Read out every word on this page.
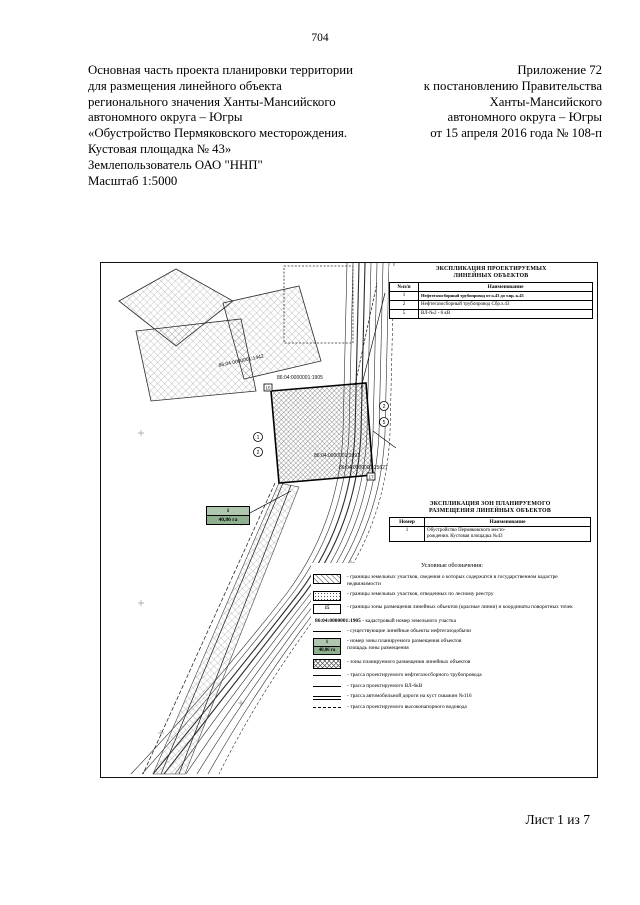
704
Основная часть проекта планировки территории
для размещения линейного объекта
регионального значения Ханты-Мансийского
автономного округа – Югры
«Обустройство Пермяковского месторождения.
Кустовая площадка № 43»
Землепользователь ОАО "ННП"
Масштаб 1:5000
Приложение 72
к постановлению Правительства
Ханты-Мансийского
автономного округа – Югры
от 15 апреля 2016 года № 108-п
15
17
1
2
2
5
86:04:0000001:1442
86:04:0000001:1905
86:04:0000001:2991
86:04:0000001:25627
1
40,86 га
ЭКСПЛИКАЦИЯ ПРОЕКТИРУЕМЫХ
ЛИНЕЙНЫХ ОБЪЕКТОВ
№п/п	Наименование
1	Нефтегазосборный трубопровод от к.43 до т.вр. к.43
2	Нефтегазосборный трубопровод Сбр.з.43
5	ВЛ-№2 - 6 кВ
ЭКСПЛИКАЦИЯ ЗОН ПЛАНИРУЕМОГО
РАЗМЕЩЕНИЯ ЛИНЕЙНЫХ ОБЪЕКТОВ
Номер	Наименование
1	Обустройство Пермяковского место-
рождения. Кустовая площадка №43
Условные обозначения:
- границы земельных участков, сведения о которых содержатся в государственном кадастре недвижимости
- границы земельных участков, отведенных по лесному реестру
15	- границы зоны размещения линейных объектов (красные линии) и координаты поворотных точек
86:04:0000001:1905 - кадастровый номер земельного участка
- существующие линейные объекты нефтегазодобычи
1
40,86 га
- номер зоны планируемого размещения объектов
площадь зоны размещения
- зоны планируемого размещения линейных объектов
- трасса проектируемого нефтегазосборного трубопровода
- трасса проектируемого ВЛ-6кВ
- трасса автомобильной дороги на куст скважин №116
- трасса проектируемого высоконапорного водовода
Лист 1 из 7
